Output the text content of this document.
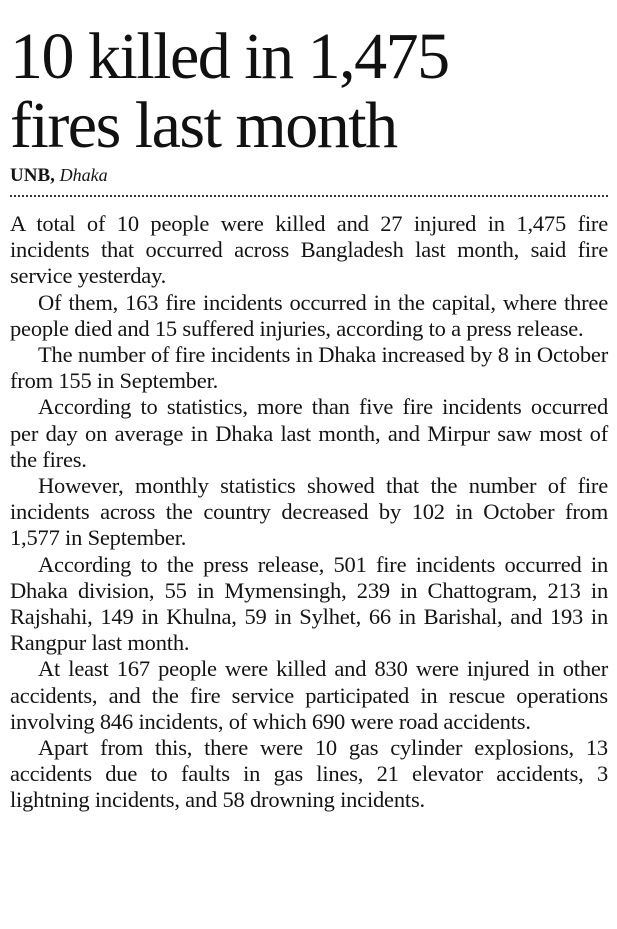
10 killed in 1,475
fires last month
UNB, Dhaka

A total of 10 people were killed and 27 injured in 1,475 fire incidents that occurred across Bangladesh last month, said fire service yesterday.

Of them, 163 fire incidents occurred in the capital, where three people died and 15 suffered injuries, according to a press release.

The number of fire incidents in Dhaka increased by 8 in October from 155 in September.

According to statistics, more than five fire incidents occurred per day on average in Dhaka last month, and Mirpur saw most of the fires.

However, monthly statistics showed that the number of fire incidents across the country decreased by 102 in October from 1,577 in September.

According to the press release, 501 fire incidents occurred in Dhaka division, 55 in Mymensingh, 239 in Chattogram, 213 in Rajshahi, 149 in Khulna, 59 in Sylhet, 66 in Barishal, and 193 in Rangpur last month.

At least 167 people were killed and 830 were injured in other accidents, and the fire service participated in rescue operations involving 846 incidents, of which 690 were road accidents.

Apart from this, there were 10 gas cylinder explosions, 13 accidents due to faults in gas lines, 21 elevator accidents, 3 lightning incidents, and 58 drowning incidents.
